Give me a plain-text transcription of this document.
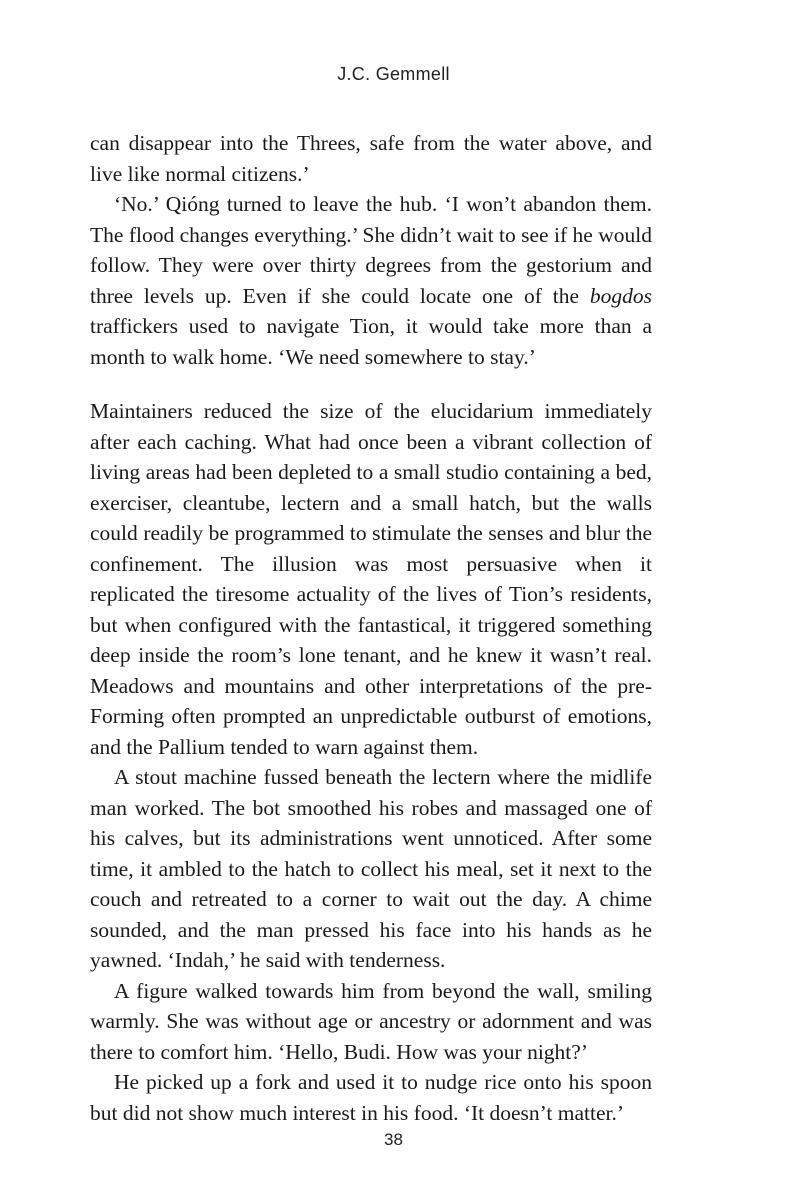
J.C. Gemmell

can disappear into the Threes, safe from the water above, and live like normal citizens.’

‘No.’ Qióng turned to leave the hub. ‘I won’t abandon them. The flood changes everything.’ She didn’t wait to see if he would follow. They were over thirty degrees from the gestorium and three levels up. Even if she could locate one of the bogdos traffickers used to navigate Tion, it would take more than a month to walk home. ‘We need somewhere to stay.’

Maintainers reduced the size of the elucidarium immediately after each caching. What had once been a vibrant collection of living areas had been depleted to a small studio containing a bed, exerciser, cleantube, lectern and a small hatch, but the walls could readily be programmed to stimulate the senses and blur the confinement. The illusion was most persuasive when it replicated the tiresome actuality of the lives of Tion’s residents, but when configured with the fantastical, it triggered something deep inside the room’s lone tenant, and he knew it wasn’t real. Meadows and mountains and other interpretations of the pre-Forming often prompted an unpredictable outburst of emotions, and the Pallium tended to warn against them.

A stout machine fussed beneath the lectern where the midlife man worked. The bot smoothed his robes and massaged one of his calves, but its administrations went unnoticed. After some time, it ambled to the hatch to collect his meal, set it next to the couch and retreated to a corner to wait out the day. A chime sounded, and the man pressed his face into his hands as he yawned. ‘Indah,’ he said with tenderness.

A figure walked towards him from beyond the wall, smiling warmly. She was without age or ancestry or adornment and was there to comfort him. ‘Hello, Budi. How was your night?’

He picked up a fork and used it to nudge rice onto his spoon but did not show much interest in his food. ‘It doesn’t matter.’

38
